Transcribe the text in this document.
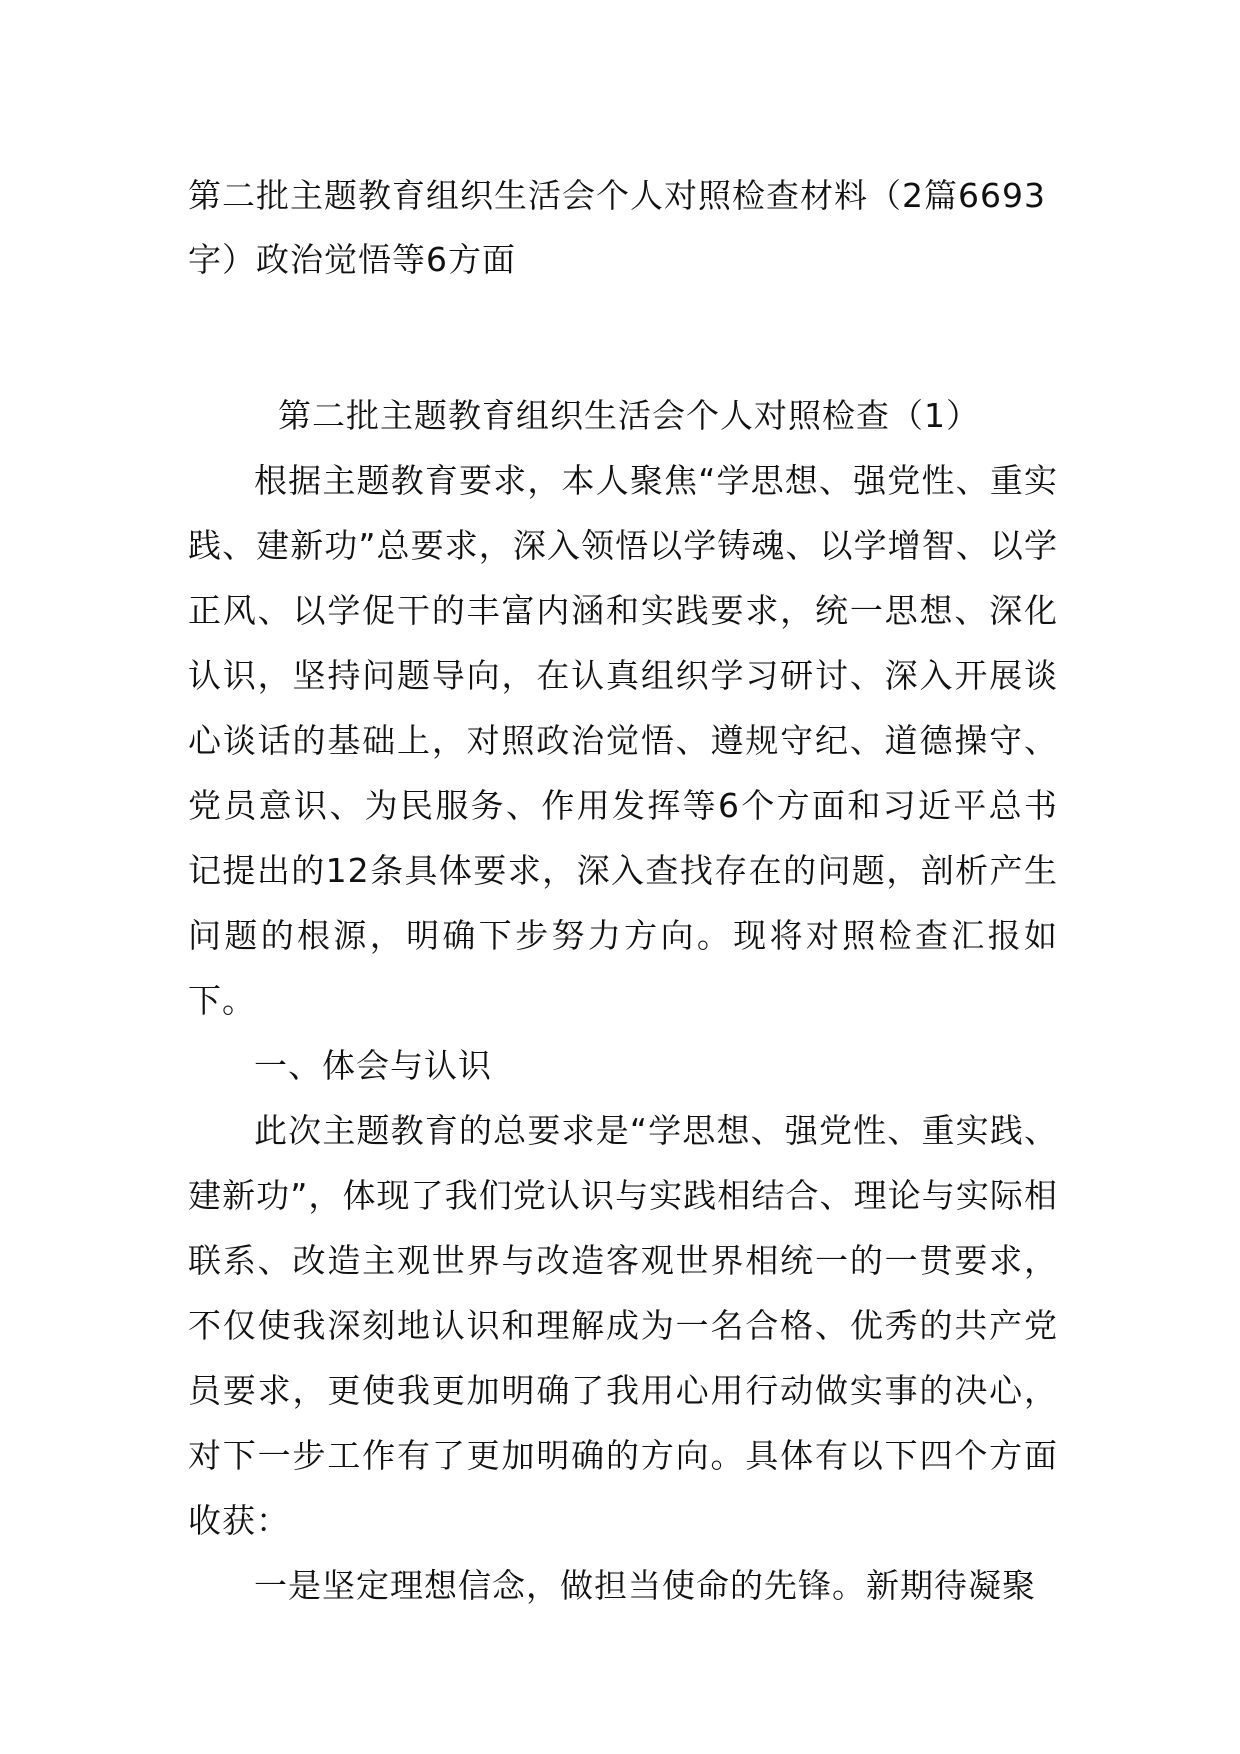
第二批主题教育组织生活会个人对照检查材料（2篇6693字）政治觉悟等6方面
第二批主题教育组织生活会个人对照检查（1）

根据主题教育要求，本人聚焦“学思想、强党性、重实践、建新功”总要求，深入领悟以学铸魂、以学增智、以学正风、以学促干的丰富内涵和实践要求，统一思想、深化认识，坚持问题导向，在认真组织学习研讨、深入开展谈心谈话的基础上，对照政治觉悟、遵规守纪、道德操守、党员意识、为民服务、作用发挥等6个方面和习近平总书记提出的12条具体要求，深入查找存在的问题，剖析产生问题的根源，明确下步努力方向。现将对照检查汇报如下。

一、体会与认识

此次主题教育的总要求是“学思想、强党性、重实践、建新功”，体现了我们党认识与实践相结合、理论与实际相联系、改造主观世界与改造客观世界相统一的一贯要求，不仅使我深刻地认识和理解成为一名合格、优秀的共产党员要求，更使我更加明确了我用心用行动做实事的决心，对下一步工作有了更加明确的方向。具体有以下四个方面收获：

一是坚定理想信念，做担当使命的先锋。新期待凝聚
